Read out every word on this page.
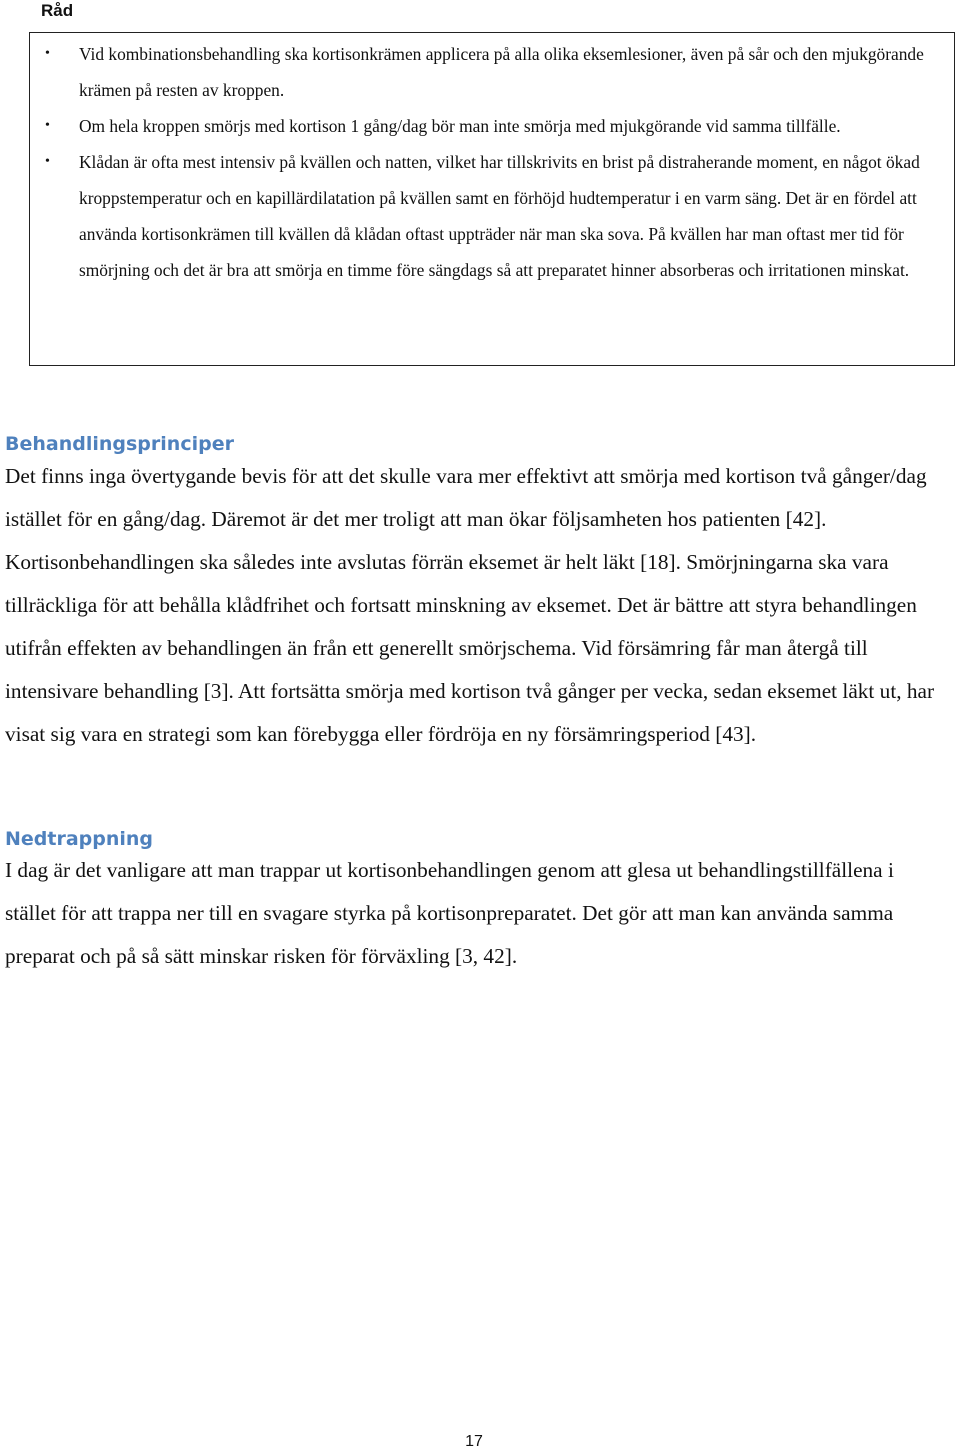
Råd
• Vid kombinationsbehandling ska kortisonkrämen applicera på alla olika eksemlesioner, även på sår och den mjukgörande krämen på resten av kroppen.
• Om hela kroppen smörjs med kortison 1 gång/dag bör man inte smörja med mjukgörande vid samma tillfälle.
• Klådan är ofta mest intensiv på kvällen och natten, vilket har tillskrivits en brist på distraherande moment, en något ökad kroppstemperatur och en kapillärdilatation på kvällen samt en förhöjd hudtemperatur i en varm säng. Det är en fördel att använda kortisonkrämen till kvällen då klådan oftast uppträder när man ska sova. På kvällen har man oftast mer tid för smörjning och det är bra att smörja en timme före sängdags så att preparatet hinner absorberas och irritationen minskat.
Behandlingsprinciper

Det finns inga övertygande bevis för att det skulle vara mer effektivt att smörja med kortison två gånger/dag istället för en gång/dag. Däremot är det mer troligt att man ökar följsamheten hos patienten [42]. Kortisonbehandlingen ska således inte avslutas förrän eksemet är helt läkt [18]. Smörjningarna ska vara tillräckliga för att behålla klådfrihet och fortsatt minskning av eksemet. Det är bättre att styra behandlingen utifrån effekten av behandlingen än från ett generellt smörjschema. Vid försämring får man återgå till intensivare behandling [3]. Att fortsätta smörja med kortison två gånger per vecka, sedan eksemet läkt ut, har visat sig vara en strategi som kan förebygga eller fördröja en ny försämringsperiod [43].

Nedtrappning

I dag är det vanligare att man trappar ut kortisonbehandlingen genom att glesa ut behandlingstillfällena i stället för att trappa ner till en svagare styrka på kortisonpreparatet. Det gör att man kan använda samma preparat och på så sätt minskar risken för förväxling [3, 42].

17
